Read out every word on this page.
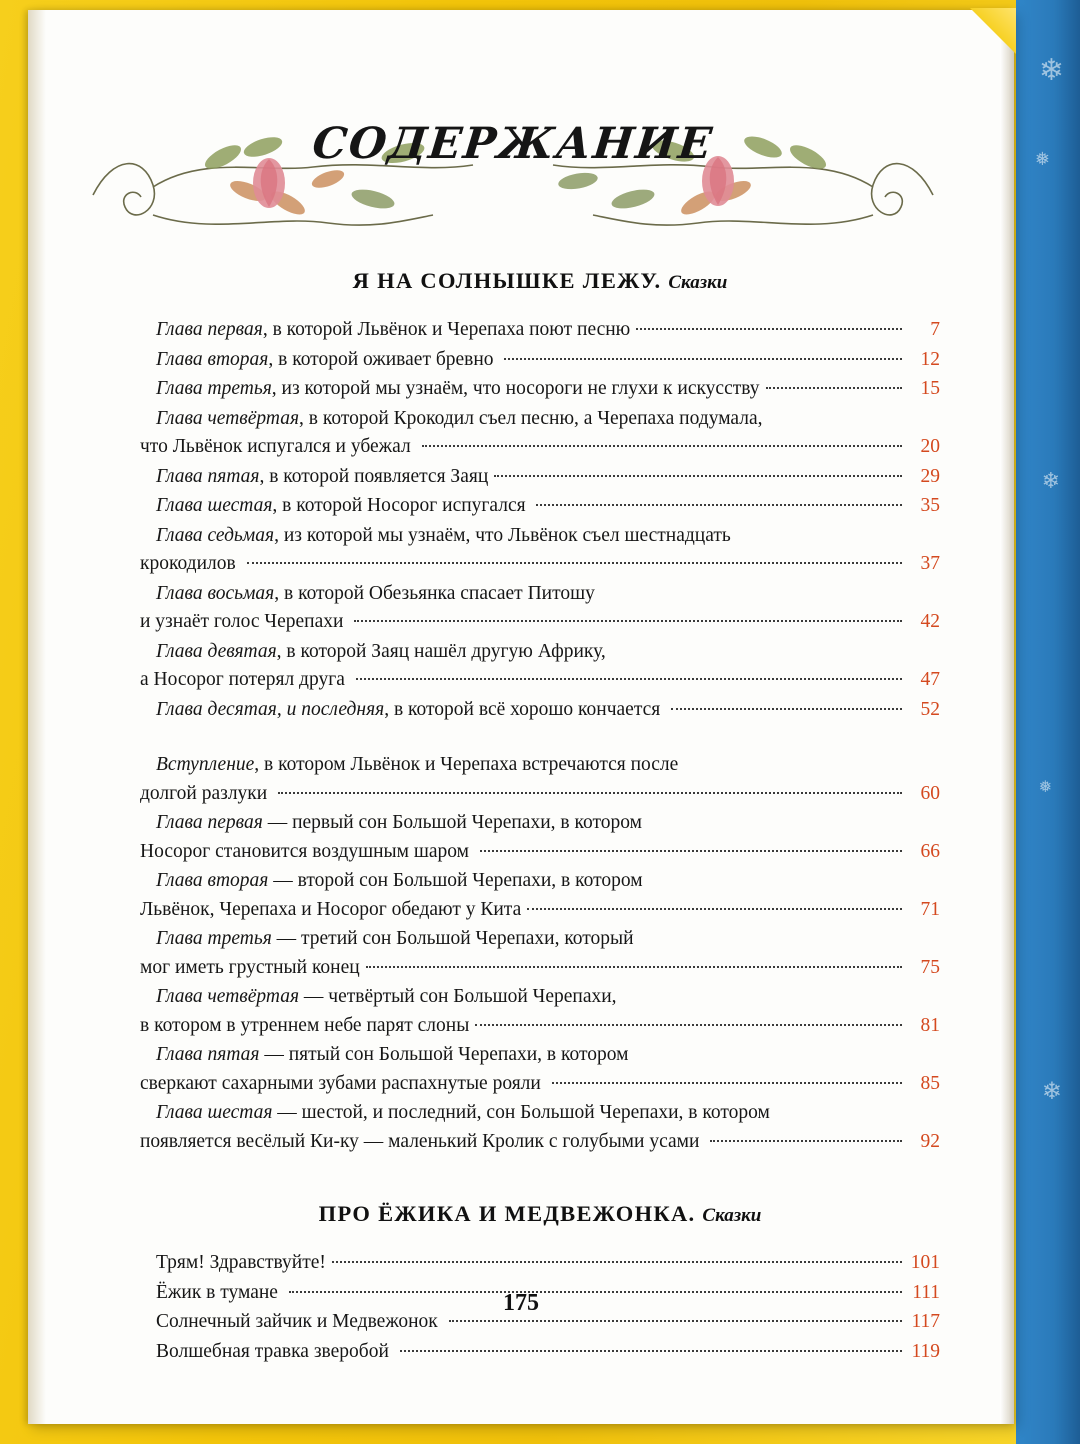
❄
❅
❄
❅
❄
СОДЕРЖАНИЕ
Я НА СОЛНЫШКЕ ЛЕЖУ. Сказки
Глава первая, в которой Львёнок и Черепаха поют песню	7
Глава вторая, в которой оживает бревно	12
Глава третья, из которой мы узнаём, что носороги не глухи к искусству	15
Глава четвёртая, в которой Крокодил съел песню, а Черепаха подумала,
что Львёнок испугался и убежал	20
Глава пятая, в которой появляется Заяц	29
Глава шестая, в которой Носорог испугался	35
Глава седьмая, из которой мы узнаём, что Львёнок съел шестнадцать
крокодилов	37
Глава восьмая, в которой Обезьянка спасает Питошу
и узнаёт голос Черепахи	42
Глава девятая, в которой Заяц нашёл другую Африку,
а Носорог потерял друга	47
Глава десятая, и последняя, в которой всё хорошо кончается	52
Вступление, в котором Львёнок и Черепаха встречаются после
долгой разлуки	60
Глава первая — первый сон Большой Черепахи, в котором
Носорог становится воздушным шаром	66
Глава вторая — второй сон Большой Черепахи, в котором
Львёнок, Черепаха и Носорог обедают у Кита	71
Глава третья — третий сон Большой Черепахи, который
мог иметь грустный конец	75
Глава четвёртая — четвёртый сон Большой Черепахи,
в котором в утреннем небе парят слоны	81
Глава пятая — пятый сон Большой Черепахи, в котором
сверкают сахарными зубами распахнутые рояли	85
Глава шестая — шестой, и последний, сон Большой Черепахи, в котором
появляется весёлый Ки-ку — маленький Кролик с голубыми усами	92
ПРО ЁЖИКА И МЕДВЕЖОНКА. Сказки
Трям! Здравствуйте!	101
Ёжик в тумане	111
Солнечный зайчик и Медвежонок	117
Волшебная травка зверобой	119
175
